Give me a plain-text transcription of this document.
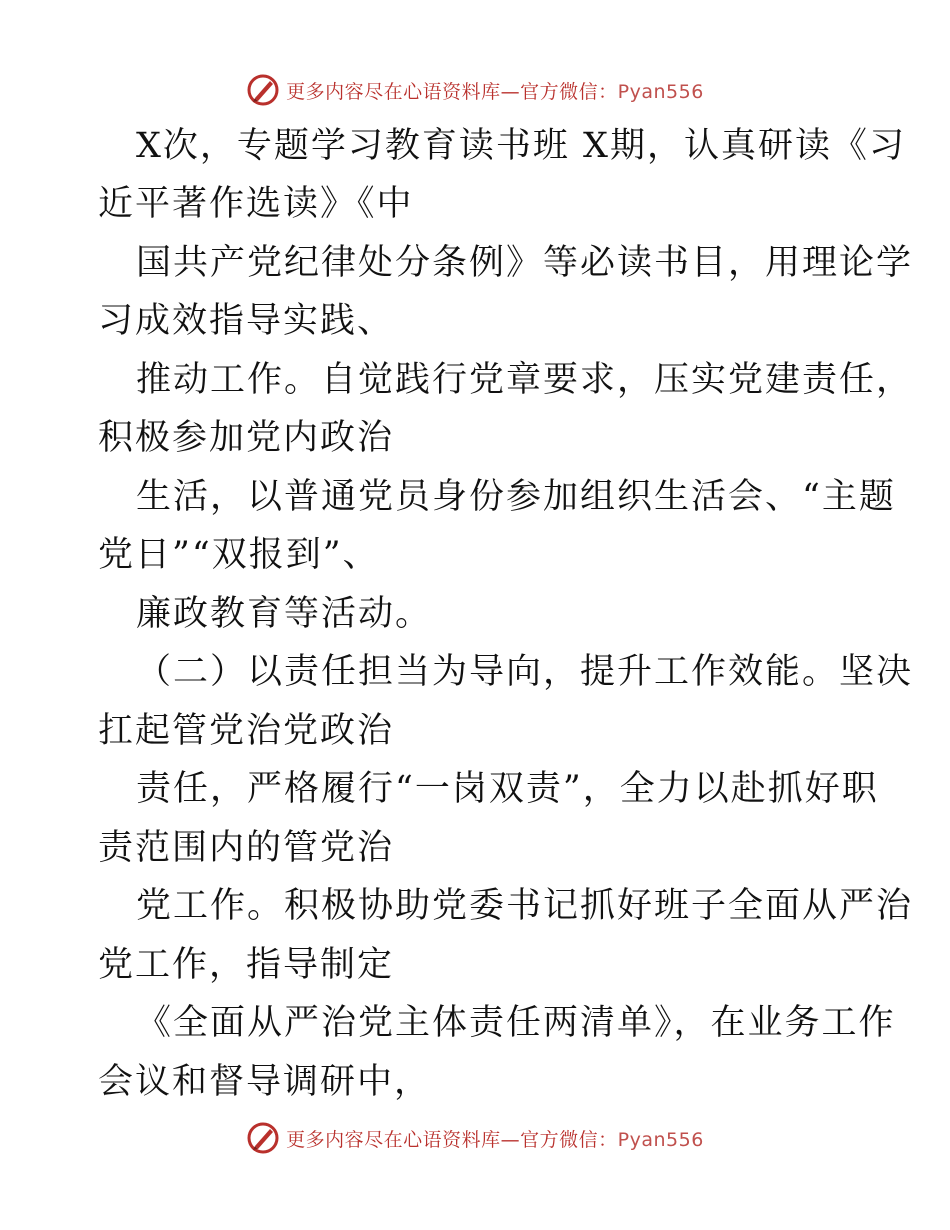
更多内容尽在心语资料库—官方微信：Pyan556
X次，专题学习教育读书班 X期，认真研读《习
近平著作选读》《中
国共产党纪律处分条例》等必读书目，用理论学
习成效指导实践、
推动工作。自觉践行党章要求，压实党建责任，
积极参加党内政治
生活，以普通党员身份参加组织生活会、“主题
党日”“双报到”、
廉政教育等活动。
（二）以责任担当为导向，提升工作效能。坚决
扛起管党治党政治
责任，严格履行“一岗双责”，全力以赴抓好职
责范围内的管党治
党工作。积极协助党委书记抓好班子全面从严治
党工作，指导制定
《全面从严治党主体责任两清单》，在业务工作
会议和督导调研中，
更多内容尽在心语资料库—官方微信：Pyan556
